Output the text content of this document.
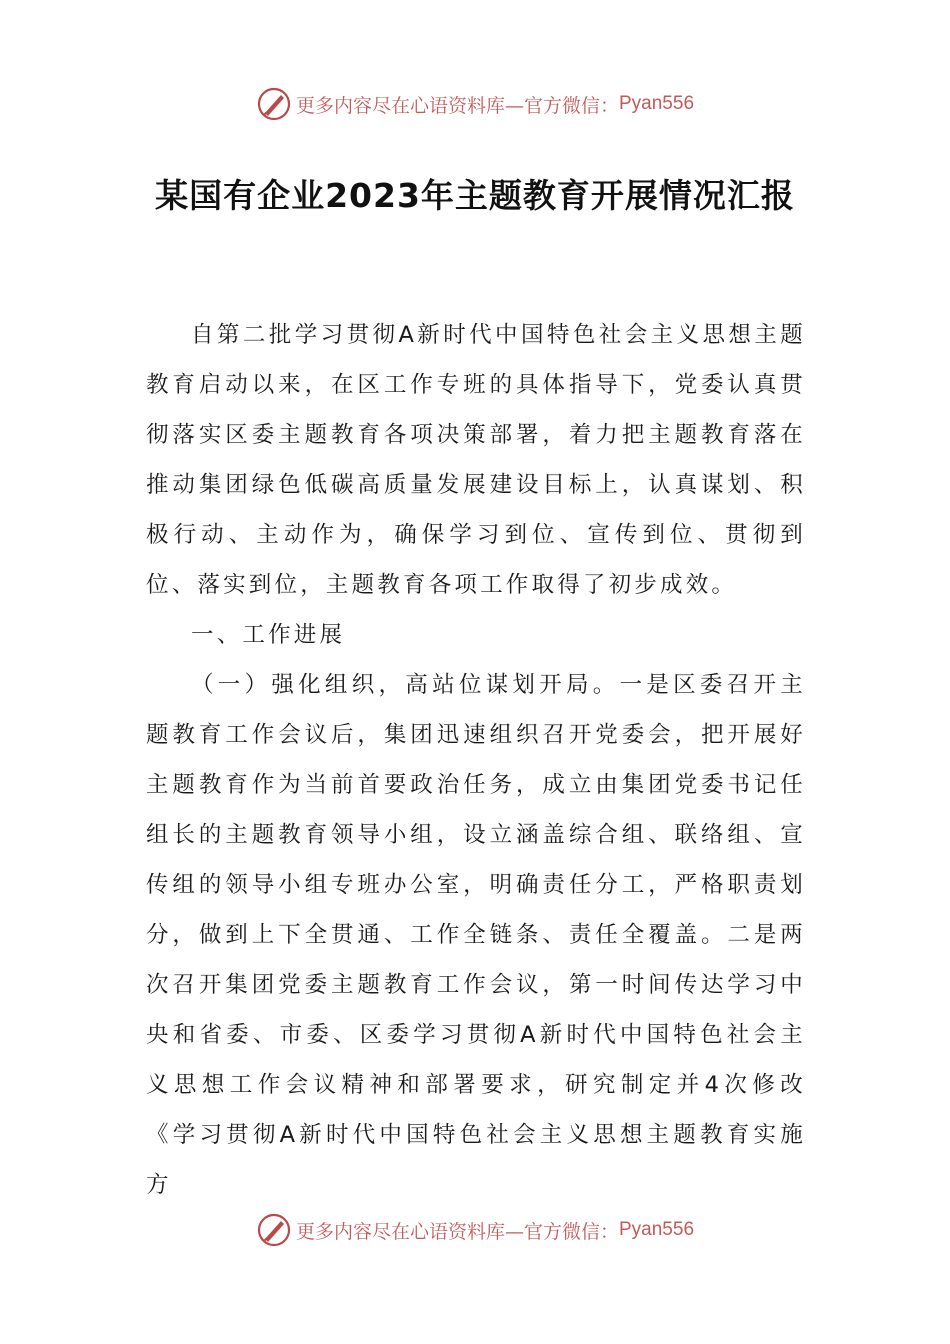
更多内容尽在心语资料库—官方微信： Pyan556
某国有企业2023年主题教育开展情况汇报

自第二批学习贯彻A新时代中国特色社会主义思想主题教育启动以来，在区工作专班的具体指导下，党委认真贯彻落实区委主题教育各项决策部署，着力把主题教育落在推动集团绿色低碳高质量发展建设目标上，认真谋划、积极行动、主动作为，确保学习到位、宣传到位、贯彻到位、落实到位，主题教育各项工作取得了初步成效。

一、工作进展

（一）强化组织，高站位谋划开局。一是区委召开主题教育工作会议后，集团迅速组织召开党委会，把开展好主题教育作为当前首要政治任务，成立由集团党委书记任组长的主题教育领导小组，设立涵盖综合组、联络组、宣传组的领导小组专班办公室，明确责任分工，严格职责划分，做到上下全贯通、工作全链条、责任全覆盖。二是两次召开集团党委主题教育工作会议，第一时间传达学习中央和省委、市委、区委学习贯彻A新时代中国特色社会主义思想工作会议精神和部署要求，研究制定并4次修改《学习贯彻A新时代中国特色社会主义思想主题教育实施方

更多内容尽在心语资料库—官方微信： Pyan556
